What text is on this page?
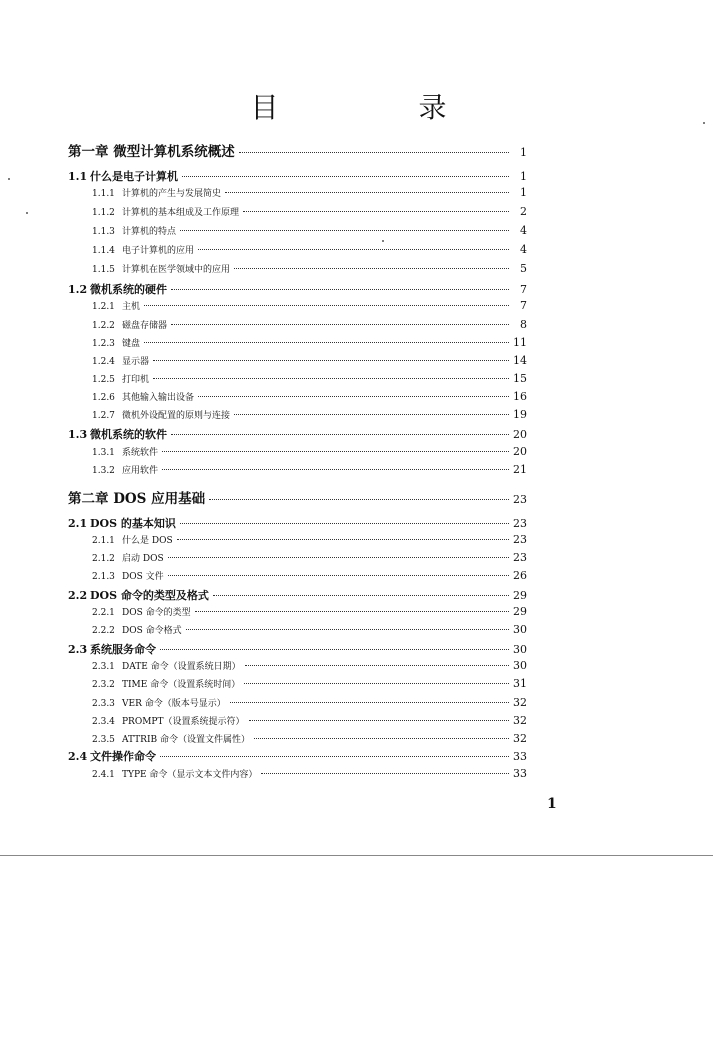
目　录
第一章 微型计算机系统概述	1
1.1 什么是电子计算机	1
1.1.1 计算机的产生与发展简史	1
1.1.2 计算机的基本组成及工作原理	2
1.1.3 计算机的特点	4
1.1.4 电子计算机的应用	4
1.1.5 计算机在医学领域中的应用	5
1.2 微机系统的硬件	7
1.2.1 主机	7
1.2.2 磁盘存储器	8
1.2.3 键盘	11
1.2.4 显示器	14
1.2.5 打印机	15
1.2.6 其他输入输出设备	16
1.2.7 微机外设配置的原则与连接	19
1.3 微机系统的软件	20
1.3.1 系统软件	20
1.3.2 应用软件	21
第二章 DOS 应用基础	23
2.1 DOS 的基本知识	23
2.1.1 什么是 DOS	23
2.1.2 启动 DOS	23
2.1.3 DOS 文件	26
2.2 DOS 命令的类型及格式	29
2.2.1 DOS 命令的类型	29
2.2.2 DOS 命令格式	30
2.3 系统服务命令	30
2.3.1 DATE 命令（设置系统日期）	30
2.3.2 TIME 命令（设置系统时间）	31
2.3.3 VER 命令（版本号显示）	32
2.3.4 PROMPT（设置系统提示符）	32
2.3.5 ATTRIB 命令（设置文件属性）	32
2.4 文件操作命令	33
2.4.1 TYPE 命令（显示文本文件内容）	33
1
